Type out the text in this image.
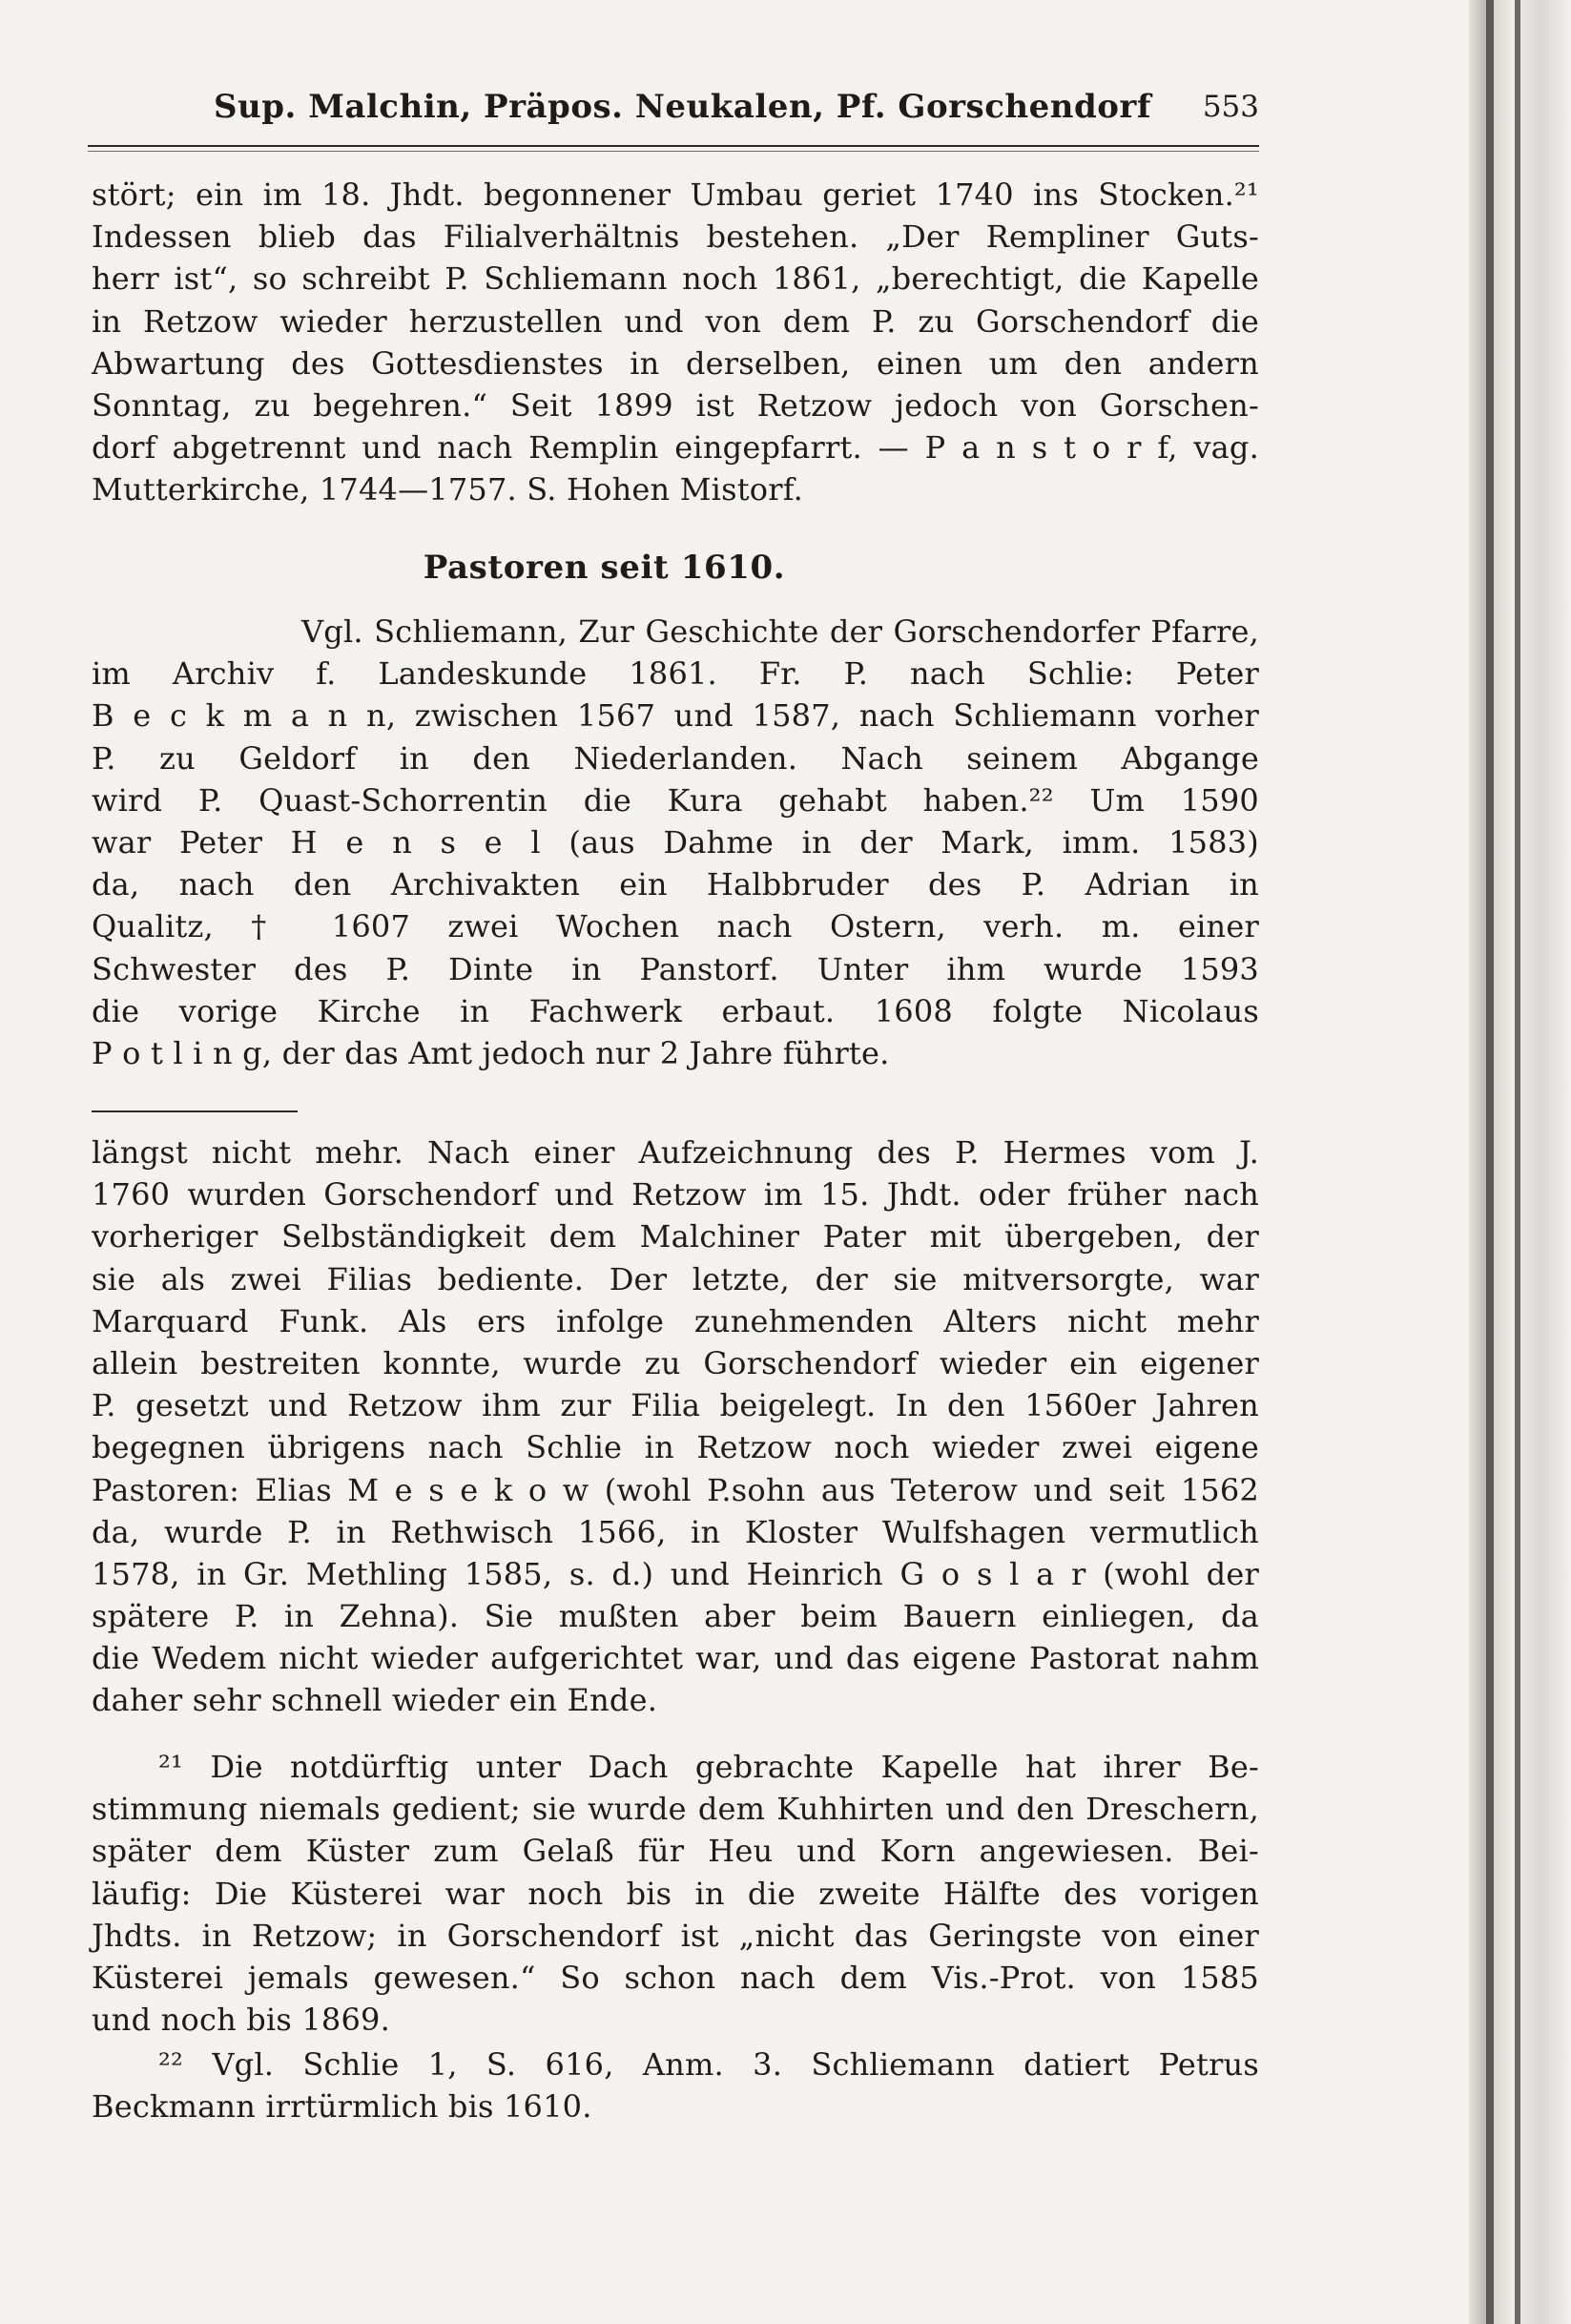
Sup. Malchin, Präpos. Neukalen, Pf. Gorschendorf 553
stört; ein im 18. Jhdt. begonnener Umbau geriet 1740 ins Stocken.²¹
Indessen blieb das Filialverhältnis bestehen. „Der Rempliner Guts-
herr ist“, so schreibt P. Schliemann noch 1861, „berechtigt, die Kapelle
in Retzow wieder herzustellen und von dem P. zu Gorschendorf die
Abwartung des Gottesdienstes in derselben, einen um den andern
Sonntag, zu begehren.“ Seit 1899 ist Retzow jedoch von Gorschen-
dorf abgetrennt und nach Remplin eingepfarrt. — P a n s t o r f, vag.
Mutterkirche, 1744—1757. S. Hohen Mistorf.
Pastoren seit 1610.
Vgl. Schliemann, Zur Geschichte der Gorschendorfer Pfarre,
im Archiv f. Landeskunde 1861. Fr. P. nach Schlie: Peter
B e c k m a n n, zwischen 1567 und 1587, nach Schliemann vorher
P. zu Geldorf in den Niederlanden. Nach seinem Abgange
wird P. Quast-Schorrentin die Kura gehabt haben.²² Um 1590
war Peter H e n s e l (aus Dahme in der Mark, imm. 1583)
da, nach den Archivakten ein Halbbruder des P. Adrian in
Qualitz, † 1607 zwei Wochen nach Ostern, verh. m. einer
Schwester des P. Dinte in Panstorf. Unter ihm wurde 1593
die vorige Kirche in Fachwerk erbaut. 1608 folgte Nicolaus
P o t l i n g, der das Amt jedoch nur 2 Jahre führte.
längst nicht mehr. Nach einer Aufzeichnung des P. Hermes vom J.
1760 wurden Gorschendorf und Retzow im 15. Jhdt. oder früher nach
vorheriger Selbständigkeit dem Malchiner Pater mit übergeben, der
sie als zwei Filias bediente. Der letzte, der sie mitversorgte, war
Marquard Funk. Als ers infolge zunehmenden Alters nicht mehr
allein bestreiten konnte, wurde zu Gorschendorf wieder ein eigener
P. gesetzt und Retzow ihm zur Filia beigelegt. In den 1560er Jahren
begegnen übrigens nach Schlie in Retzow noch wieder zwei eigene
Pastoren: Elias M e s e k o w (wohl P.sohn aus Teterow und seit 1562
da, wurde P. in Rethwisch 1566, in Kloster Wulfshagen vermutlich
1578, in Gr. Methling 1585, s. d.) und Heinrich G o s l a r (wohl der
spätere P. in Zehna). Sie mußten aber beim Bauern einliegen, da
die Wedem nicht wieder aufgerichtet war, und das eigene Pastorat nahm
daher sehr schnell wieder ein Ende.
²¹ Die notdürftig unter Dach gebrachte Kapelle hat ihrer Be-
stimmung niemals gedient; sie wurde dem Kuhhirten und den Dreschern,
später dem Küster zum Gelaß für Heu und Korn angewiesen. Bei-
läufig: Die Küsterei war noch bis in die zweite Hälfte des vorigen
Jhdts. in Retzow; in Gorschendorf ist „nicht das Geringste von einer
Küsterei jemals gewesen.“ So schon nach dem Vis.-Prot. von 1585
und noch bis 1869.
²² Vgl. Schlie 1, S. 616, Anm. 3. Schliemann datiert Petrus
Beckmann irrtürmlich bis 1610.
